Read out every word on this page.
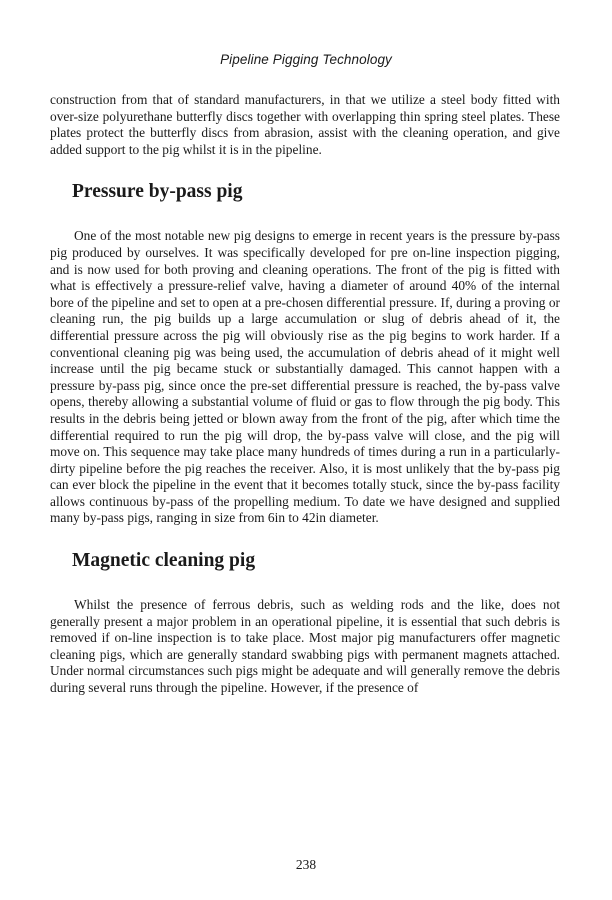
Pipeline Pigging Technology

construction from that of standard manufacturers, in that we utilize a steel body fitted with over-size polyurethane butterfly discs together with overlapping thin spring steel plates. These plates protect the butterfly discs from abrasion, assist with the cleaning operation, and give added support to the pig whilst it is in the pipeline.

Pressure by-pass pig

One of the most notable new pig designs to emerge in recent years is the pressure by-pass pig produced by ourselves. It was specifically developed for pre on-line inspection pigging, and is now used for both proving and cleaning operations. The front of the pig is fitted with what is effectively a pressure-relief valve, having a diameter of around 40% of the internal bore of the pipeline and set to open at a pre-chosen differential pressure. If, during a proving or cleaning run, the pig builds up a large accumulation or slug of debris ahead of it, the differential pressure across the pig will obviously rise as the pig begins to work harder. If a conventional cleaning pig was being used, the accumulation of debris ahead of it might well increase until the pig became stuck or substantially damaged. This cannot happen with a pressure by-pass pig, since once the pre-set differential pressure is reached, the by-pass valve opens, thereby allowing a substantial volume of fluid or gas to flow through the pig body. This results in the debris being jetted or blown away from the front of the pig, after which time the differential required to run the pig will drop, the by-pass valve will close, and the pig will move on. This sequence may take place many hundreds of times during a run in a particularly-dirty pipeline before the pig reaches the receiver. Also, it is most unlikely that the by-pass pig can ever block the pipeline in the event that it becomes totally stuck, since the by-pass facility allows continuous by-pass of the propelling medium. To date we have designed and supplied many by-pass pigs, ranging in size from 6in to 42in diameter.

Magnetic cleaning pig

Whilst the presence of ferrous debris, such as welding rods and the like, does not generally present a major problem in an operational pipeline, it is essential that such debris is removed if on-line inspection is to take place. Most major pig manufacturers offer magnetic cleaning pigs, which are generally standard swabbing pigs with permanent magnets attached. Under normal circumstances such pigs might be adequate and will generally remove the debris during several runs through the pipeline. However, if the presence of

238
